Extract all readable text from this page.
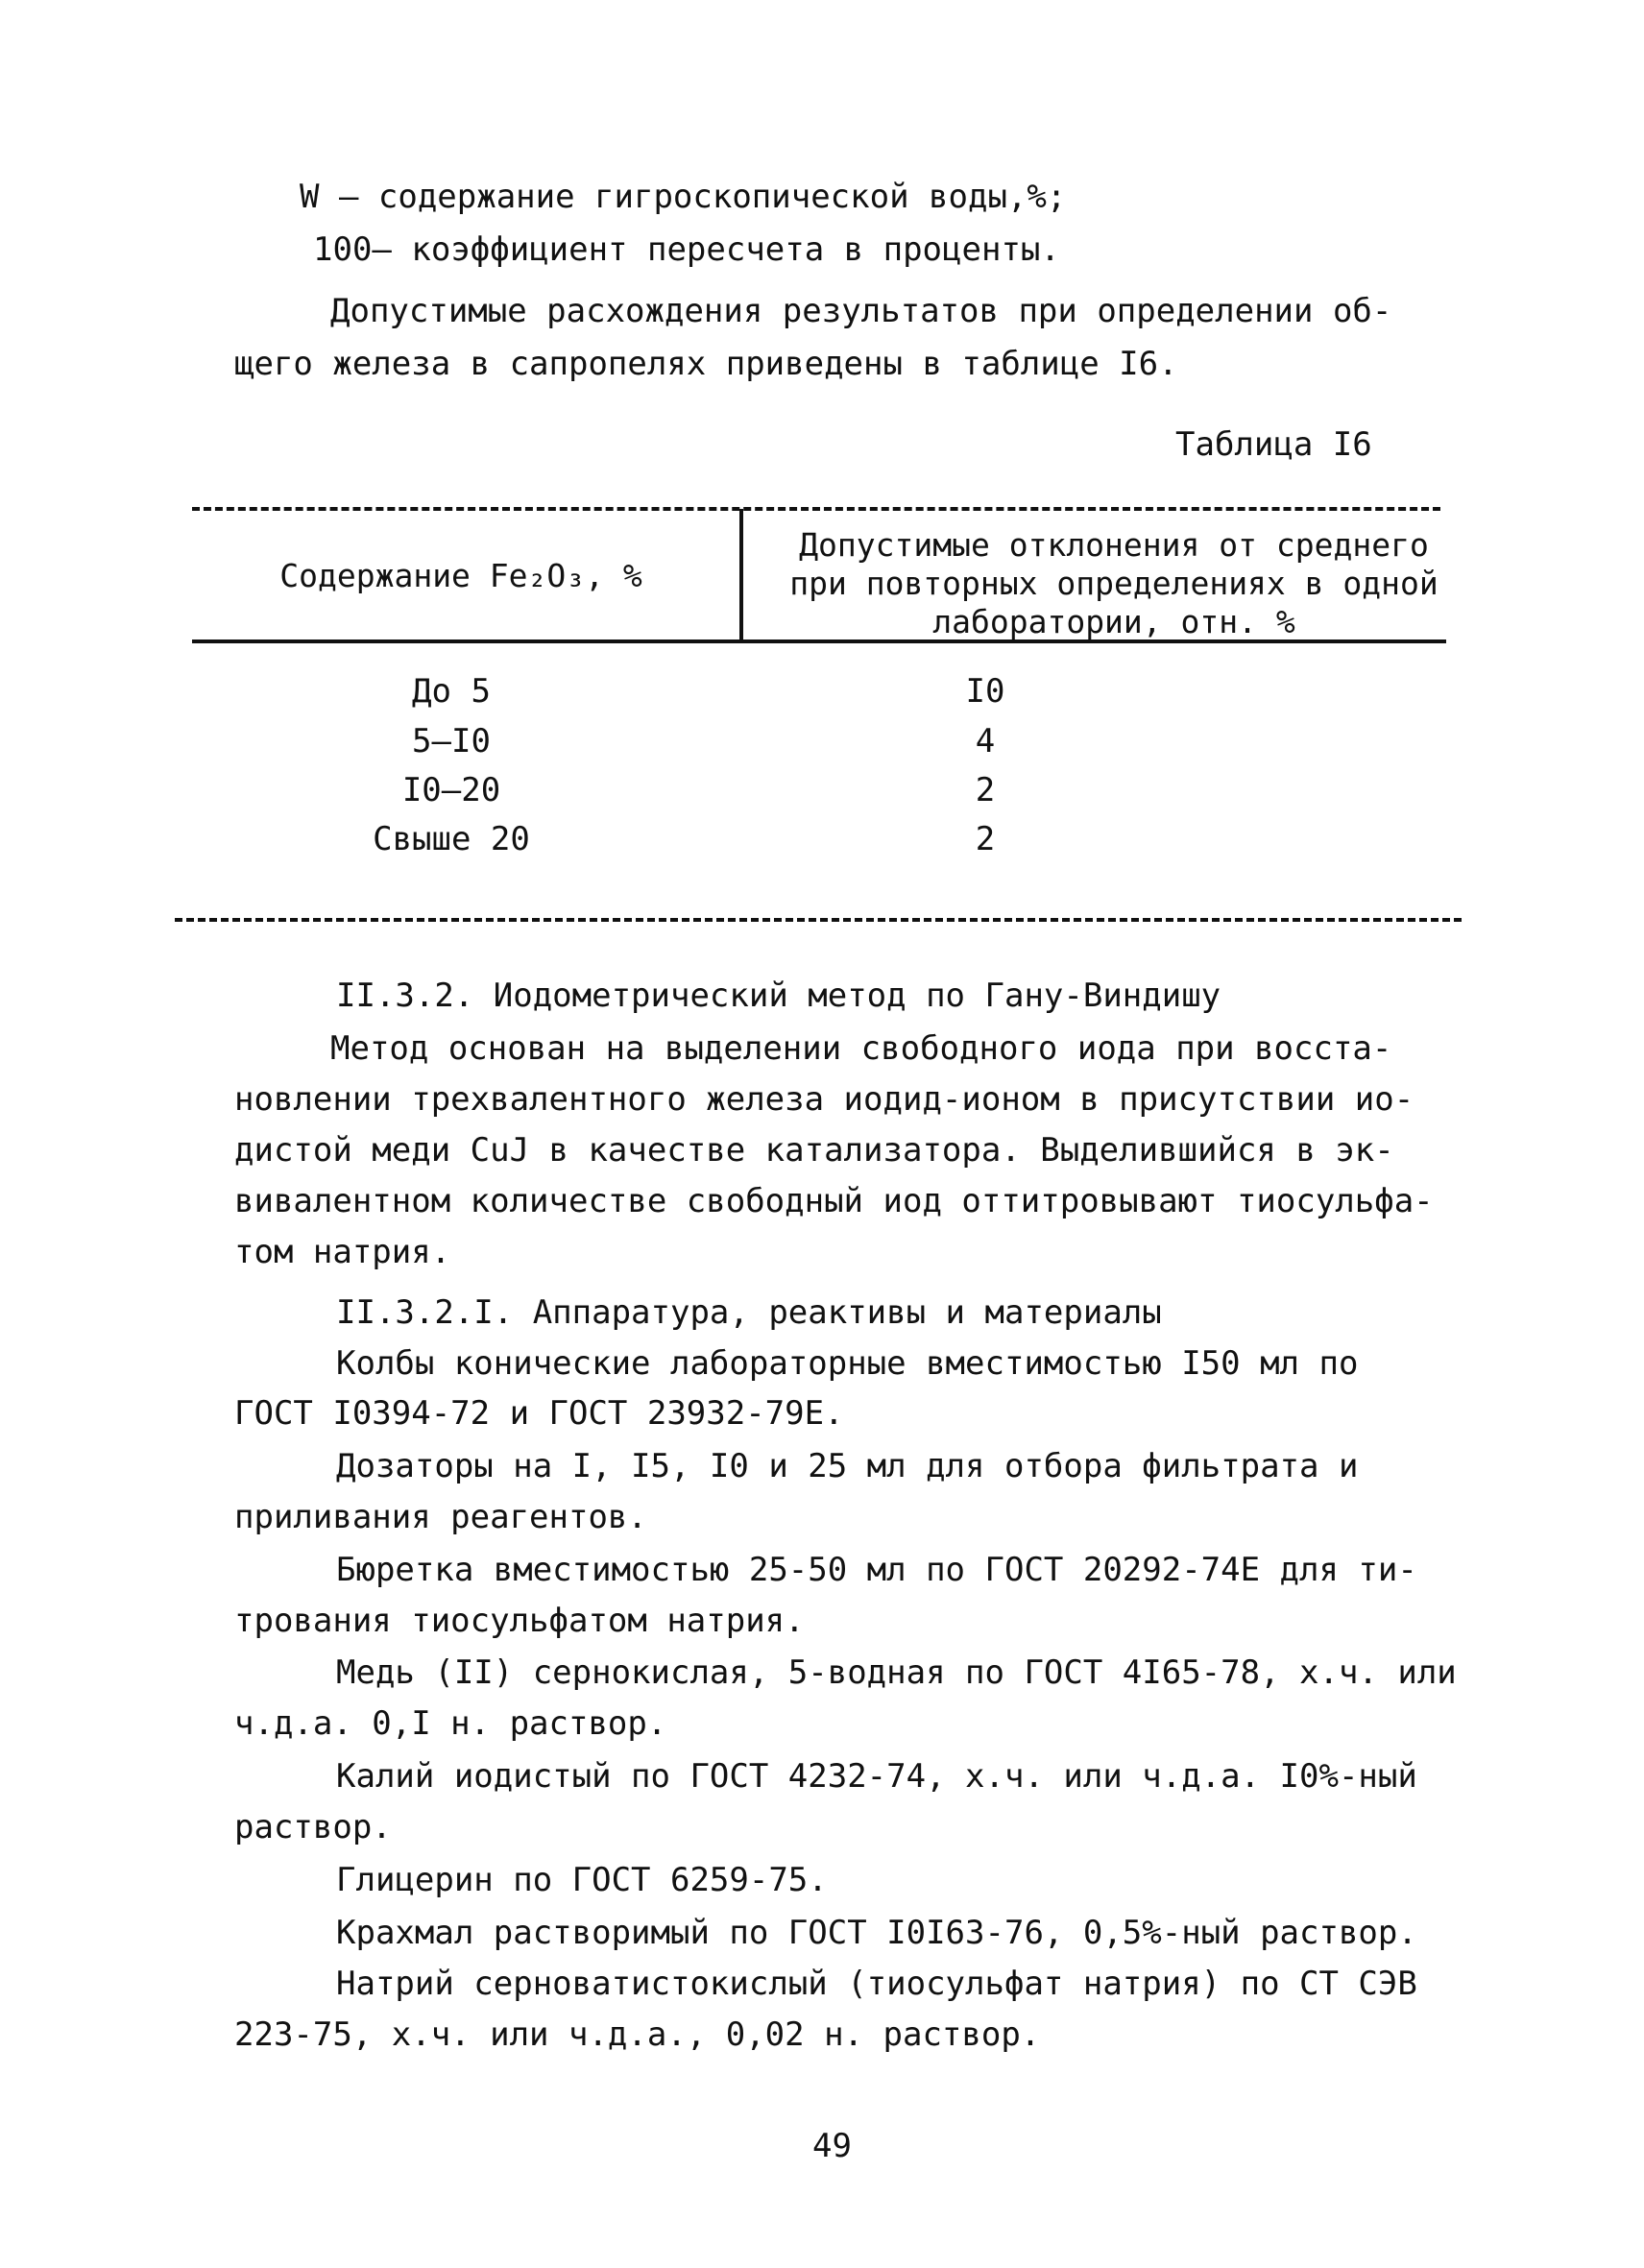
W – содержание гигроскопической воды,%;
100– коэффициент пересчета в проценты.
Допустимые расхождения результатов при определении об-
щего железа в сапропелях приведены в таблице I6.
Таблица I6
Содержание Fe₂O₃, %
Допустимые отклонения от среднего
при повторных определениях в одной
лаборатории, отн. %
До 5	I0
5–I0	4
I0–20	2
Свыше 20	2
II.3.2. Иодометрический метод по Гану-Виндишу
Метод основан на выделении свободного иода при восста-
новлении трехвалентного железа иодид-ионом в присутствии ио-
дистой меди CuJ в качестве катализатора. Выделившийся в эк-
вивалентном количестве свободный иод оттитровывают тиосульфа-
том натрия.
II.3.2.I. Аппаратура, реактивы и материалы
Колбы конические лабораторные вместимостью I50 мл по
ГОСТ I0394-72 и ГОСТ 23932-79Е.
Дозаторы на I, I5, I0 и 25 мл для отбора фильтрата и
приливания реагентов.
Бюретка вместимостью 25-50 мл по ГОСТ 20292-74Е для ти-
трования тиосульфатом натрия.
Медь (II) сернокислая, 5-водная по ГОСТ 4I65-78, х.ч. или
ч.д.а. 0,I н. раствор.
Калий иодистый по ГОСТ 4232-74, х.ч. или ч.д.а. I0%-ный
раствор.
Глицерин по ГОСТ 6259-75.
Крахмал растворимый по ГОСТ I0I63-76, 0,5%-ный раствор.
Натрий серноватистокислый (тиосульфат натрия) по СТ СЭВ
223-75, х.ч. или ч.д.а., 0,02 н. раствор.
49
